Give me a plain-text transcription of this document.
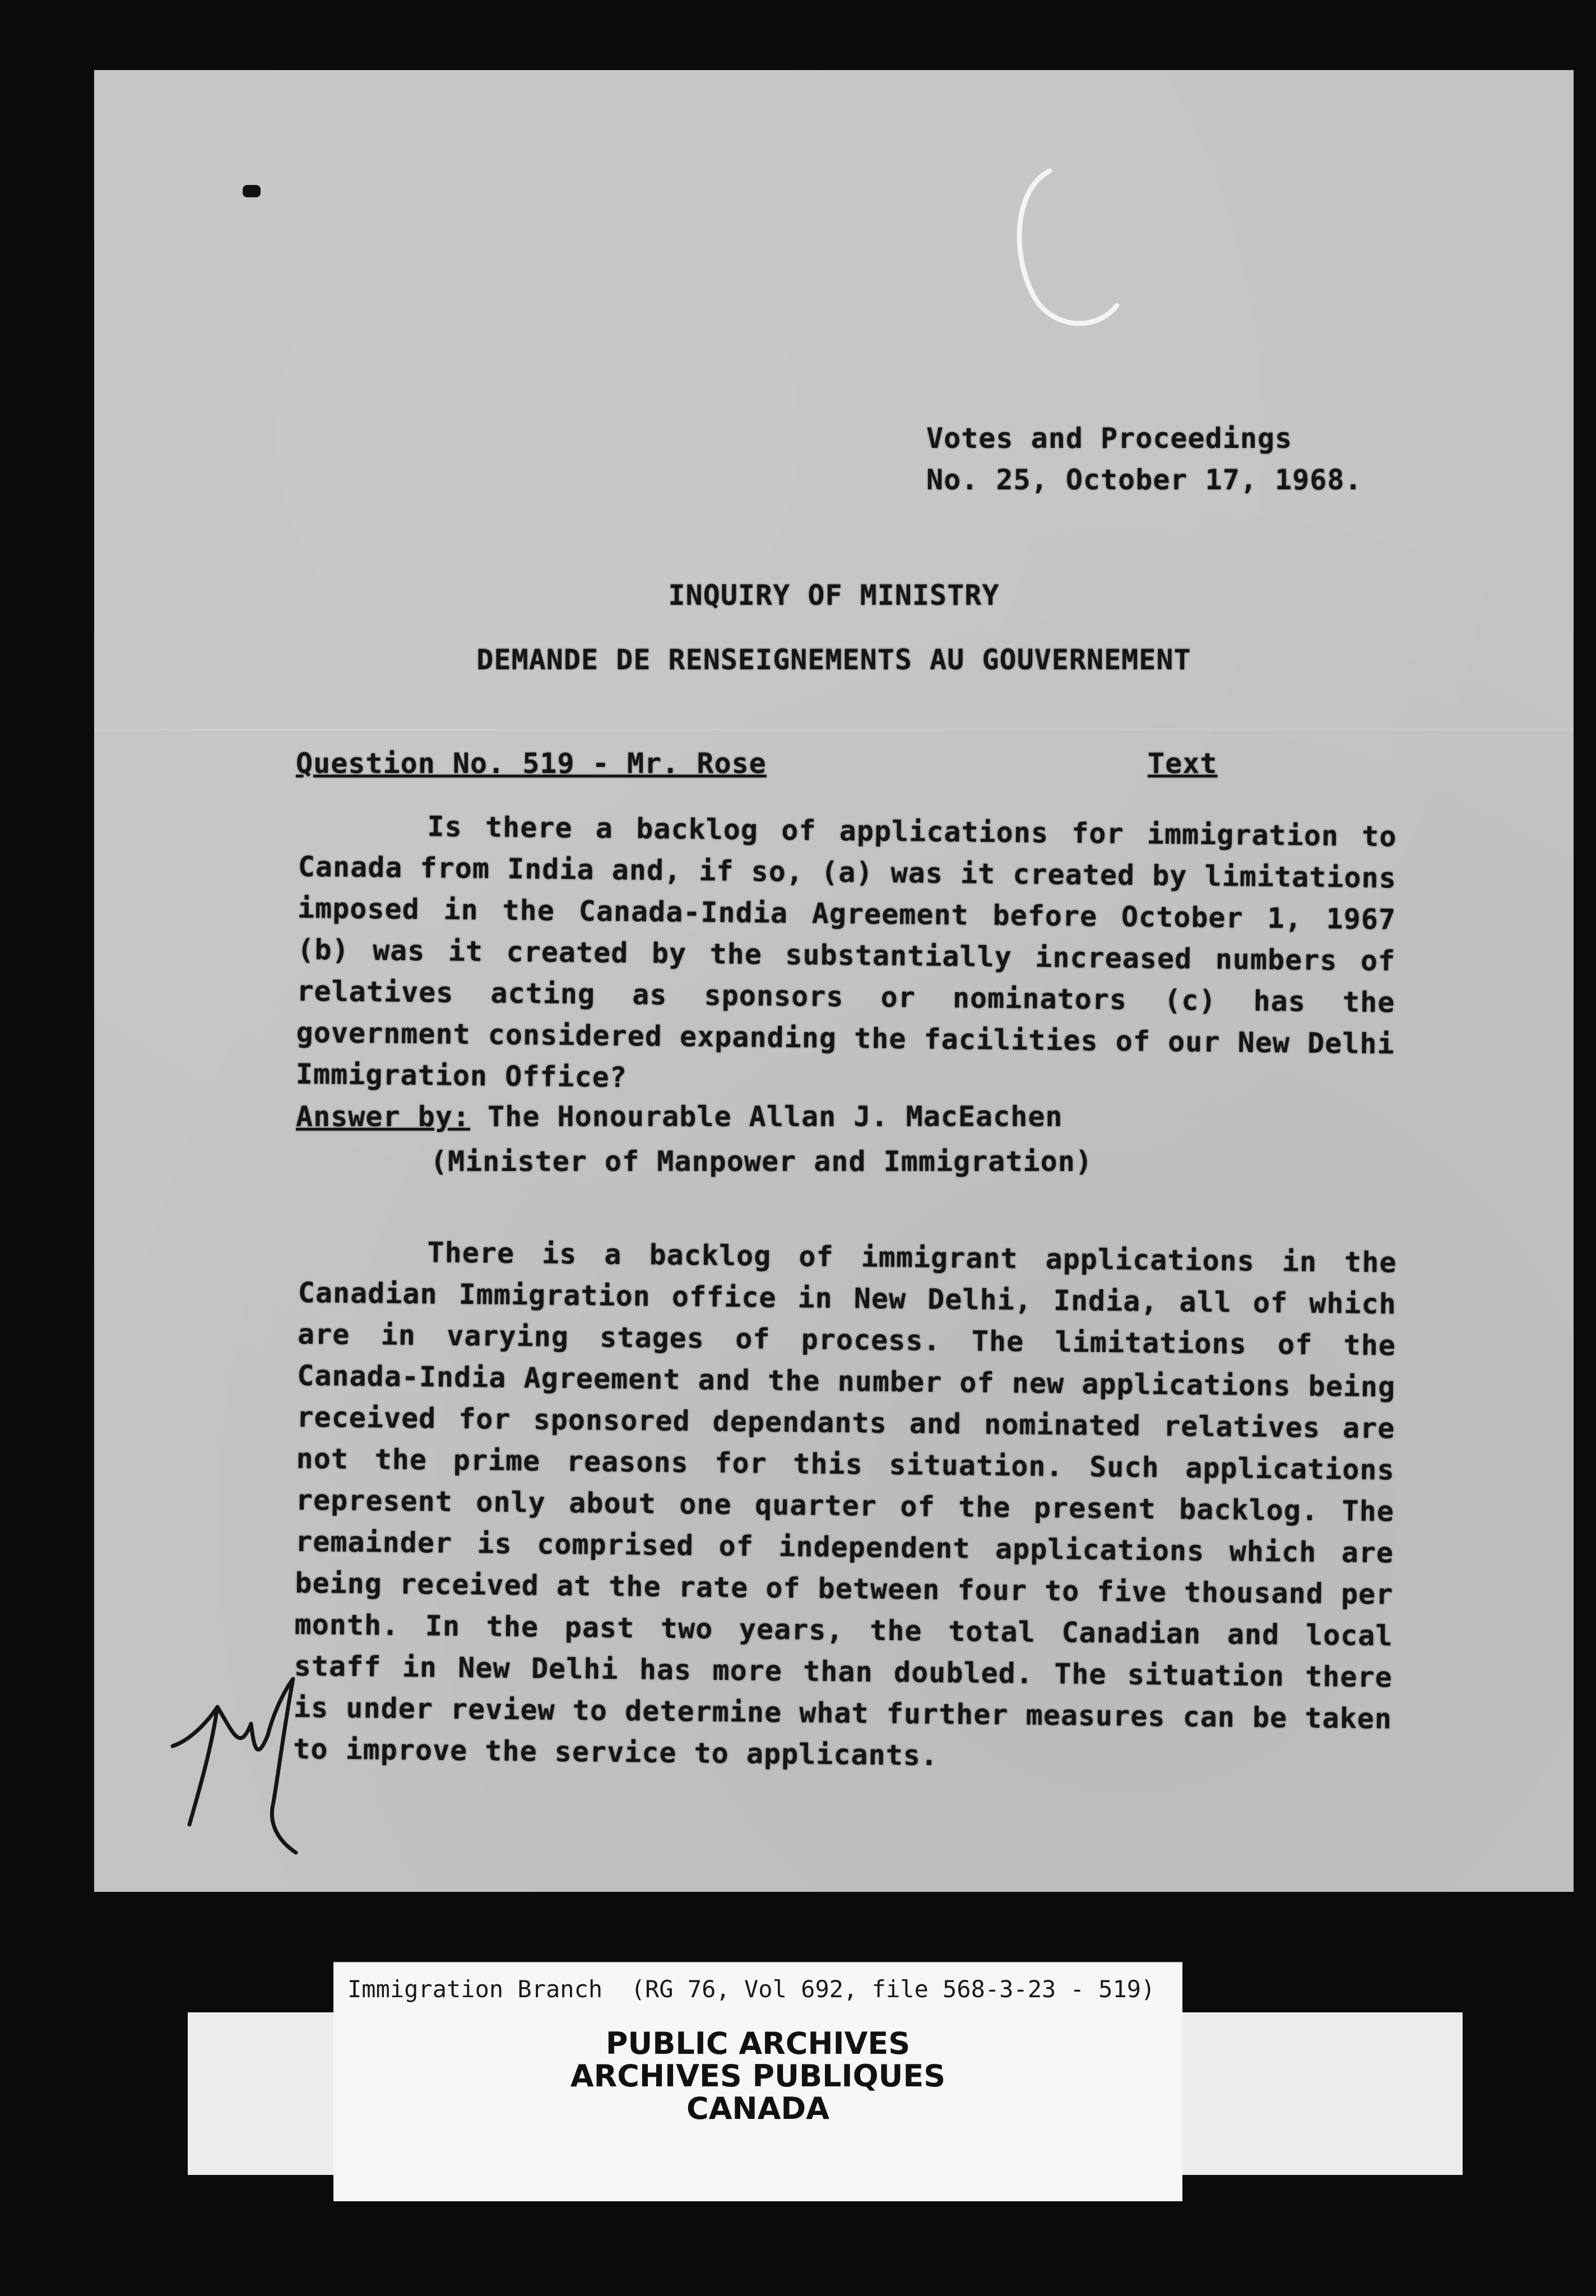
Votes and Proceedings
No. 25, October 17, 1968.
INQUIRY OF MINISTRY
DEMANDE DE RENSEIGNEMENTS AU GOUVERNEMENT
Question No. 519 - Mr. Rose	Text

Is there a backlog of applications for immigration to Canada from India and, if so, (a) was it created by limitations imposed in the Canada-India Agreement before October 1, 1967 (b) was it created by the substantially increased numbers of relatives acting as sponsors or nominators (c) has the government considered expanding the facilities of our New Delhi Immigration Office?

Answer by: The Honourable Allan J. MacEachen
(Minister of Manpower and Immigration)

There is a backlog of immigrant applications in the Canadian Immigration office in New Delhi, India, all of which are in varying stages of process. The limitations of the Canada-India Agreement and the number of new applications being received for sponsored dependants and nominated relatives are not the prime reasons for this situation. Such applications represent only about one quarter of the present backlog. The remainder is comprised of independent applications which are being received at the rate of between four to five thousand per month. In the past two years, the total Canadian and local staff in New Delhi has more than doubled. The situation there is under review to determine what further measures can be taken to improve the service to applicants.

Immigration Branch  (RG 76, Vol 692, file 568-3-23 - 519)
PUBLIC ARCHIVES
ARCHIVES PUBLIQUES
CANADA
